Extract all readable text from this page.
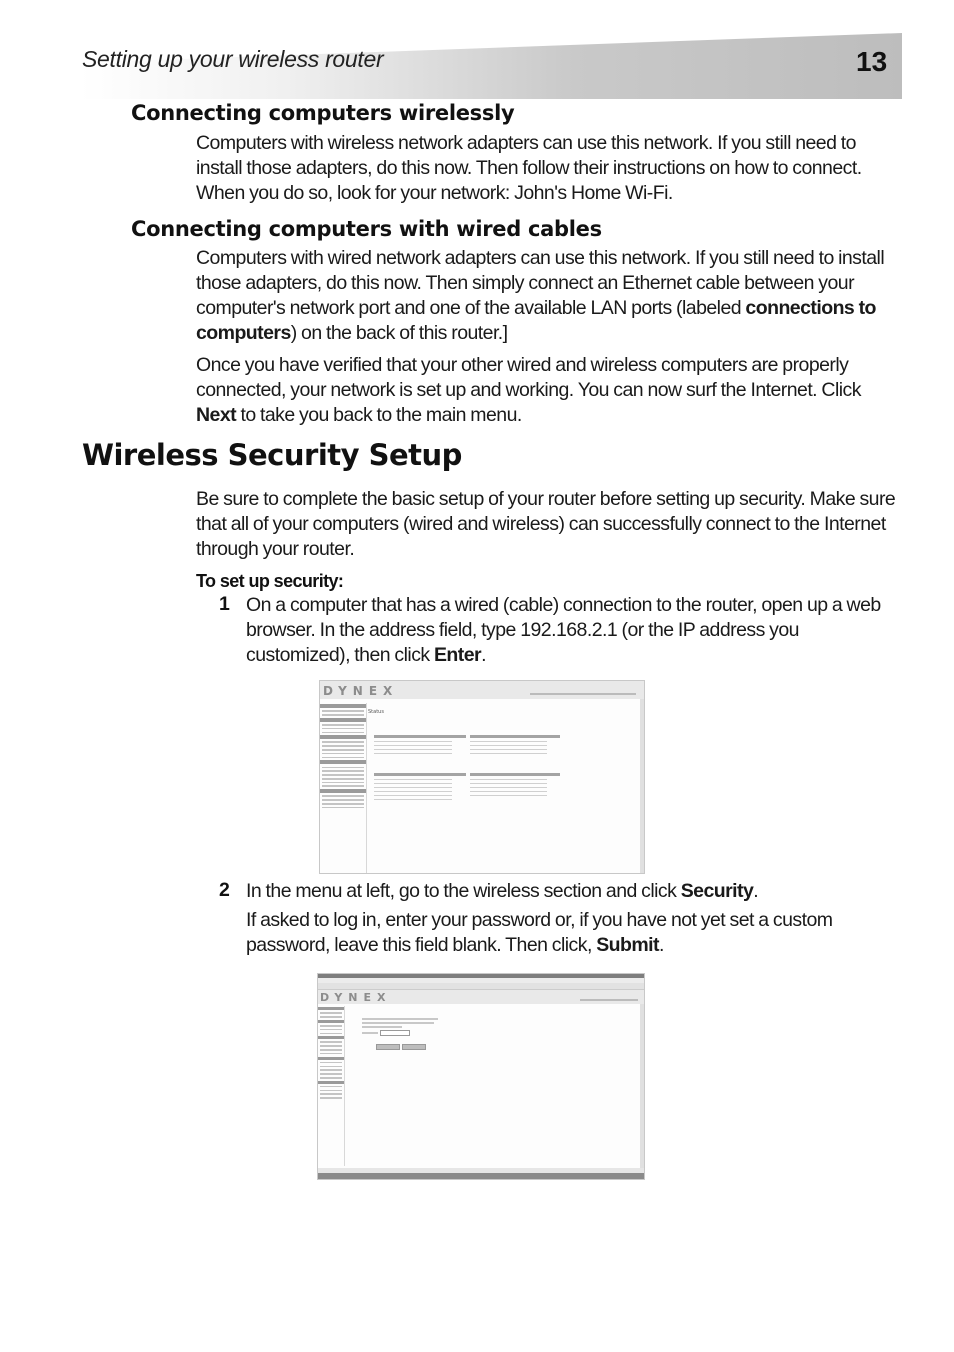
Setting up your wireless router	13
Connecting computers wirelessly
Computers with wireless network adapters can use this network. If you still need to install those adapters, do this now. Then follow their instructions on how to connect. When you do so, look for your network: John's Home Wi-Fi.
Connecting computers with wired cables
Computers with wired network adapters can use this network. If you still need to install those adapters, do this now. Then simply connect an Ethernet cable between your computer's network port and one of the available LAN ports (labeled connections to computers) on the back of this router.]
Once you have verified that your other wired and wireless computers are properly connected, your network is set up and working. You can now surf the Internet. Click Next to take you back to the main menu.
Wireless Security Setup
Be sure to complete the basic setup of your router before setting up security. Make sure that all of your computers (wired and wireless) can successfully connect to the Internet through your router.
To set up security:
1 On a computer that has a wired (cable) connection to the router, open up a web browser. In the address field, type 192.168.2.1 (or the IP address you customized), then click Enter.
DYNEX
Status
2 In the menu at left, go to the wireless section and click Security.
If asked to log in, enter your password or, if you have not yet set a custom password, leave this field blank. Then click, Submit.
DYNEX
